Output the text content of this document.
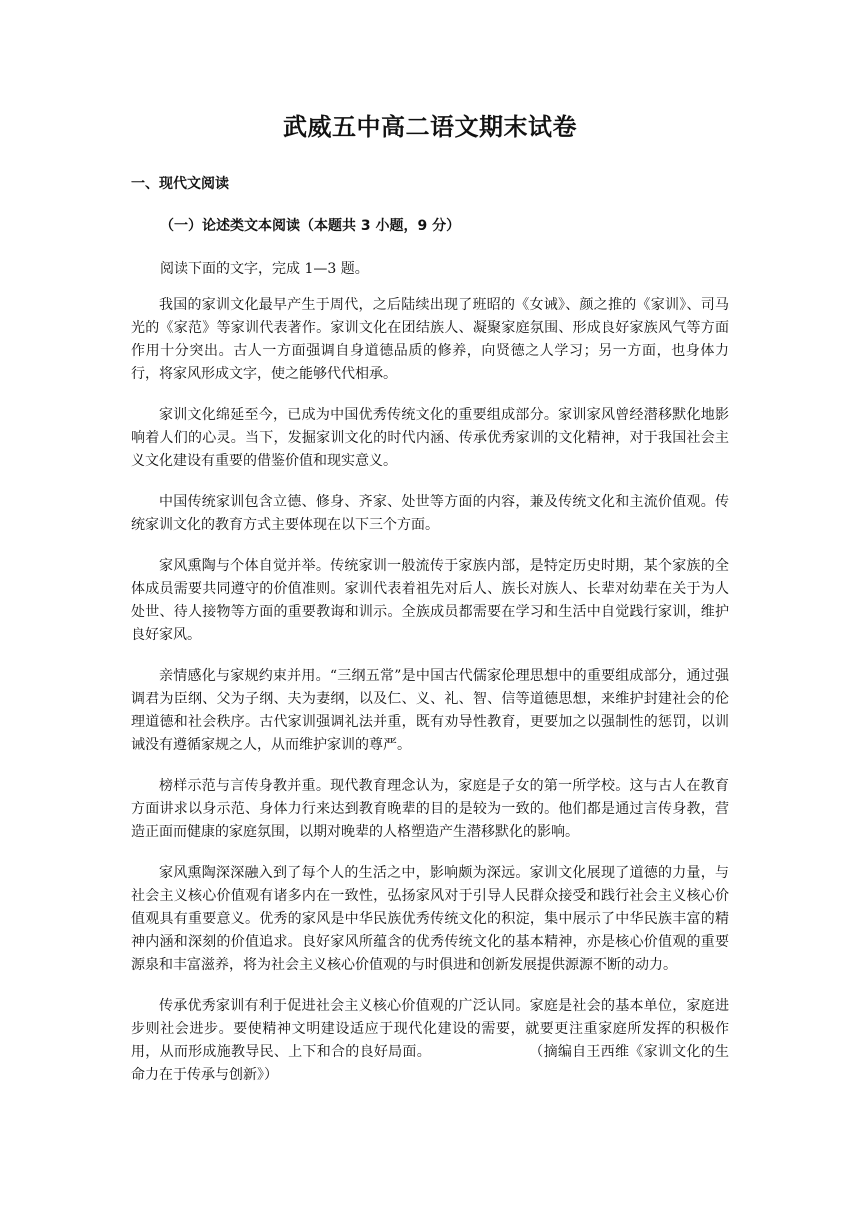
武威五中高二语文期末试卷
一、现代文阅读
（一）论述类文本阅读（本题共 3 小题，9 分）
阅读下面的文字，完成 1—3 题。

我国的家训文化最早产生于周代，之后陆续出现了班昭的《女诫》、颜之推的《家训》、司马光的《家范》等家训代表著作。家训文化在团结族人、凝聚家庭氛围、形成良好家族风气等方面作用十分突出。古人一方面强调自身道德品质的修养，向贤德之人学习；另一方面，也身体力行，将家风形成文字，使之能够代代相承。

家训文化绵延至今，已成为中国优秀传统文化的重要组成部分。家训家风曾经潜移默化地影响着人们的心灵。当下，发掘家训文化的时代内涵、传承优秀家训的文化精神，对于我国社会主义文化建设有重要的借鉴价值和现实意义。

中国传统家训包含立德、修身、齐家、处世等方面的内容，兼及传统文化和主流价值观。传统家训文化的教育方式主要体现在以下三个方面。

家风熏陶与个体自觉并举。传统家训一般流传于家族内部，是特定历史时期，某个家族的全体成员需要共同遵守的价值准则。家训代表着祖先对后人、族长对族人、长辈对幼辈在关于为人处世、待人接物等方面的重要教诲和训示。全族成员都需要在学习和生活中自觉践行家训，维护良好家风。

亲情感化与家规约束并用。“三纲五常”是中国古代儒家伦理思想中的重要组成部分，通过强调君为臣纲、父为子纲、夫为妻纲，以及仁、义、礼、智、信等道德思想，来维护封建社会的伦理道德和社会秩序。古代家训强调礼法并重，既有劝导性教育，更要加之以强制性的惩罚，以训诫没有遵循家规之人，从而维护家训的尊严。

榜样示范与言传身教并重。现代教育理念认为，家庭是子女的第一所学校。这与古人在教育方面讲求以身示范、身体力行来达到教育晚辈的目的是较为一致的。他们都是通过言传身教，营造正面而健康的家庭氛围，以期对晚辈的人格塑造产生潜移默化的影响。

家风熏陶深深融入到了每个人的生活之中，影响颇为深远。家训文化展现了道德的力量，与社会主义核心价值观有诸多内在一致性，弘扬家风对于引导人民群众接受和践行社会主义核心价值观具有重要意义。优秀的家风是中华民族优秀传统文化的积淀，集中展示了中华民族丰富的精神内涵和深刻的价值追求。良好家风所蕴含的优秀传统文化的基本精神，亦是核心价值观的重要源泉和丰富滋养，将为社会主义核心价值观的与时俱进和创新发展提供源源不断的动力。

传承优秀家训有利于促进社会主义核心价值观的广泛认同。家庭是社会的基本单位，家庭进步则社会进步。要使精神文明建设适应于现代化建设的需要，就要更注重家庭所发挥的积极作用，从而形成施教导民、上下和合的良好局面。	（摘编自王西维《家训文化的生命力在于传承与创新》）
